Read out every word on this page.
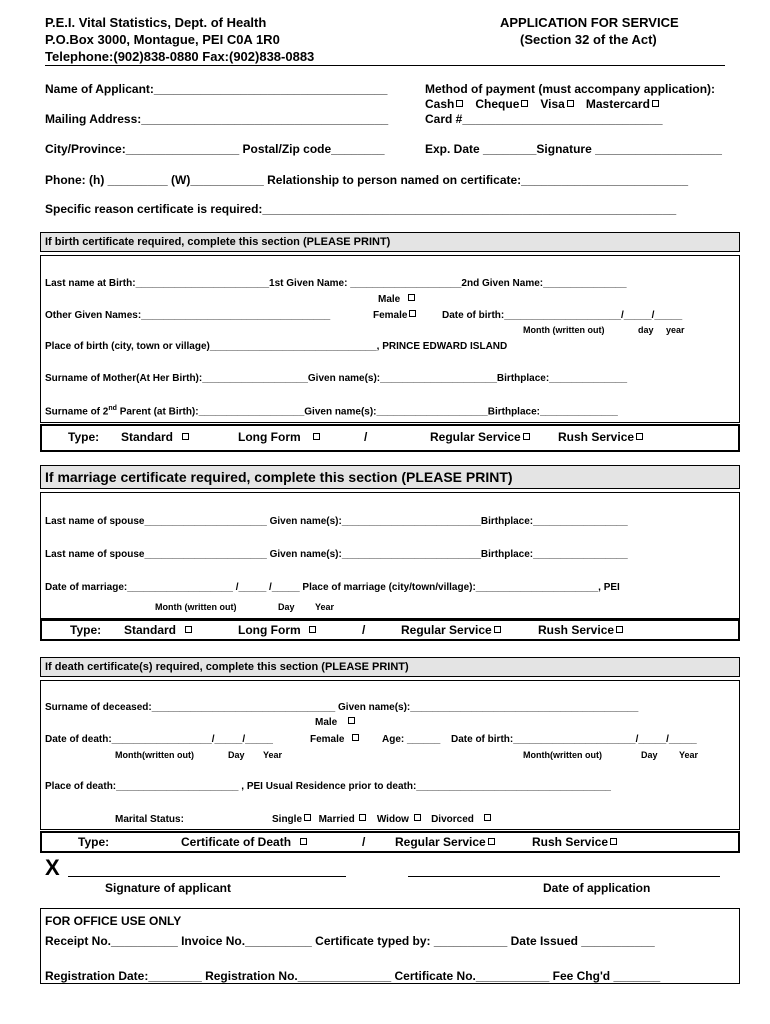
P.E.I. Vital Statistics, Dept. of Health
P.O.Box 3000, Montague, PEI C0A 1R0
Telephone:(902)838-0880 Fax:(902)838-0883
APPLICATION FOR SERVICE
(Section 32 of the Act)
Name of Applicant:___________________________________
Mailing Address:_____________________________________
Method of payment (must accompany application):
Cash Cheque Visa Mastercard
Card #______________________________
City/Province:_________________ Postal/Zip code________	Exp. Date ________Signature ___________________
Phone: (h) _________ (W)___________ Relationship to person named on certificate:_________________________
Specific reason certificate is required:______________________________________________________________
If birth certificate required, complete this section (PLEASE PRINT)
Last name at Birth:________________________1st Given Name: ____________________2nd Given Name:_______________
Male
Other Given Names:__________________________________	Female	Date of birth:_____________________/_____/_____
Month (written out)	day year
Place of birth (city, town or village)______________________________, PRINCE EDWARD ISLAND
Surname of Mother(At Her Birth):___________________Given name(s):_____________________Birthplace:______________
Surname of 2nd Parent (at Birth):___________________Given name(s):____________________Birthplace:______________
Type: Standard	Long Form	/	Regular Service	Rush Service
If marriage certificate required, complete this section (PLEASE PRINT)
Last name of spouse______________________ Given name(s):_________________________Birthplace:_________________
Last name of spouse______________________ Given name(s):_________________________Birthplace:_________________
Date of marriage:___________________ /_____ /_____ Place of marriage (city/town/village):______________________, PEI
Month (written out)	Day Year
Type: Standard	Long Form	/	Regular Service	Rush Service
If death certificate(s) required, complete this section (PLEASE PRINT)
Surname of deceased:_________________________________ Given name(s):_________________________________________
Male
Date of death:__________________/_____/_____	Female	Age: ______ Date of birth:______________________/_____/_____
Month(written out)	Day Year	Month(written out)	Day Year
Place of death:______________________ , PEI Usual Residence prior to death:___________________________________
Marital Status:	Single Married Widow Divorced
Type:	Certificate of Death	/ Regular Service	Rush Service
X
Signature of applicant	Date of application
FOR OFFICE USE ONLY
Receipt No.__________ Invoice No.__________ Certificate typed by: ___________ Date Issued ___________
Registration Date:________ Registration No.______________ Certificate No.___________ Fee Chg'd _______
